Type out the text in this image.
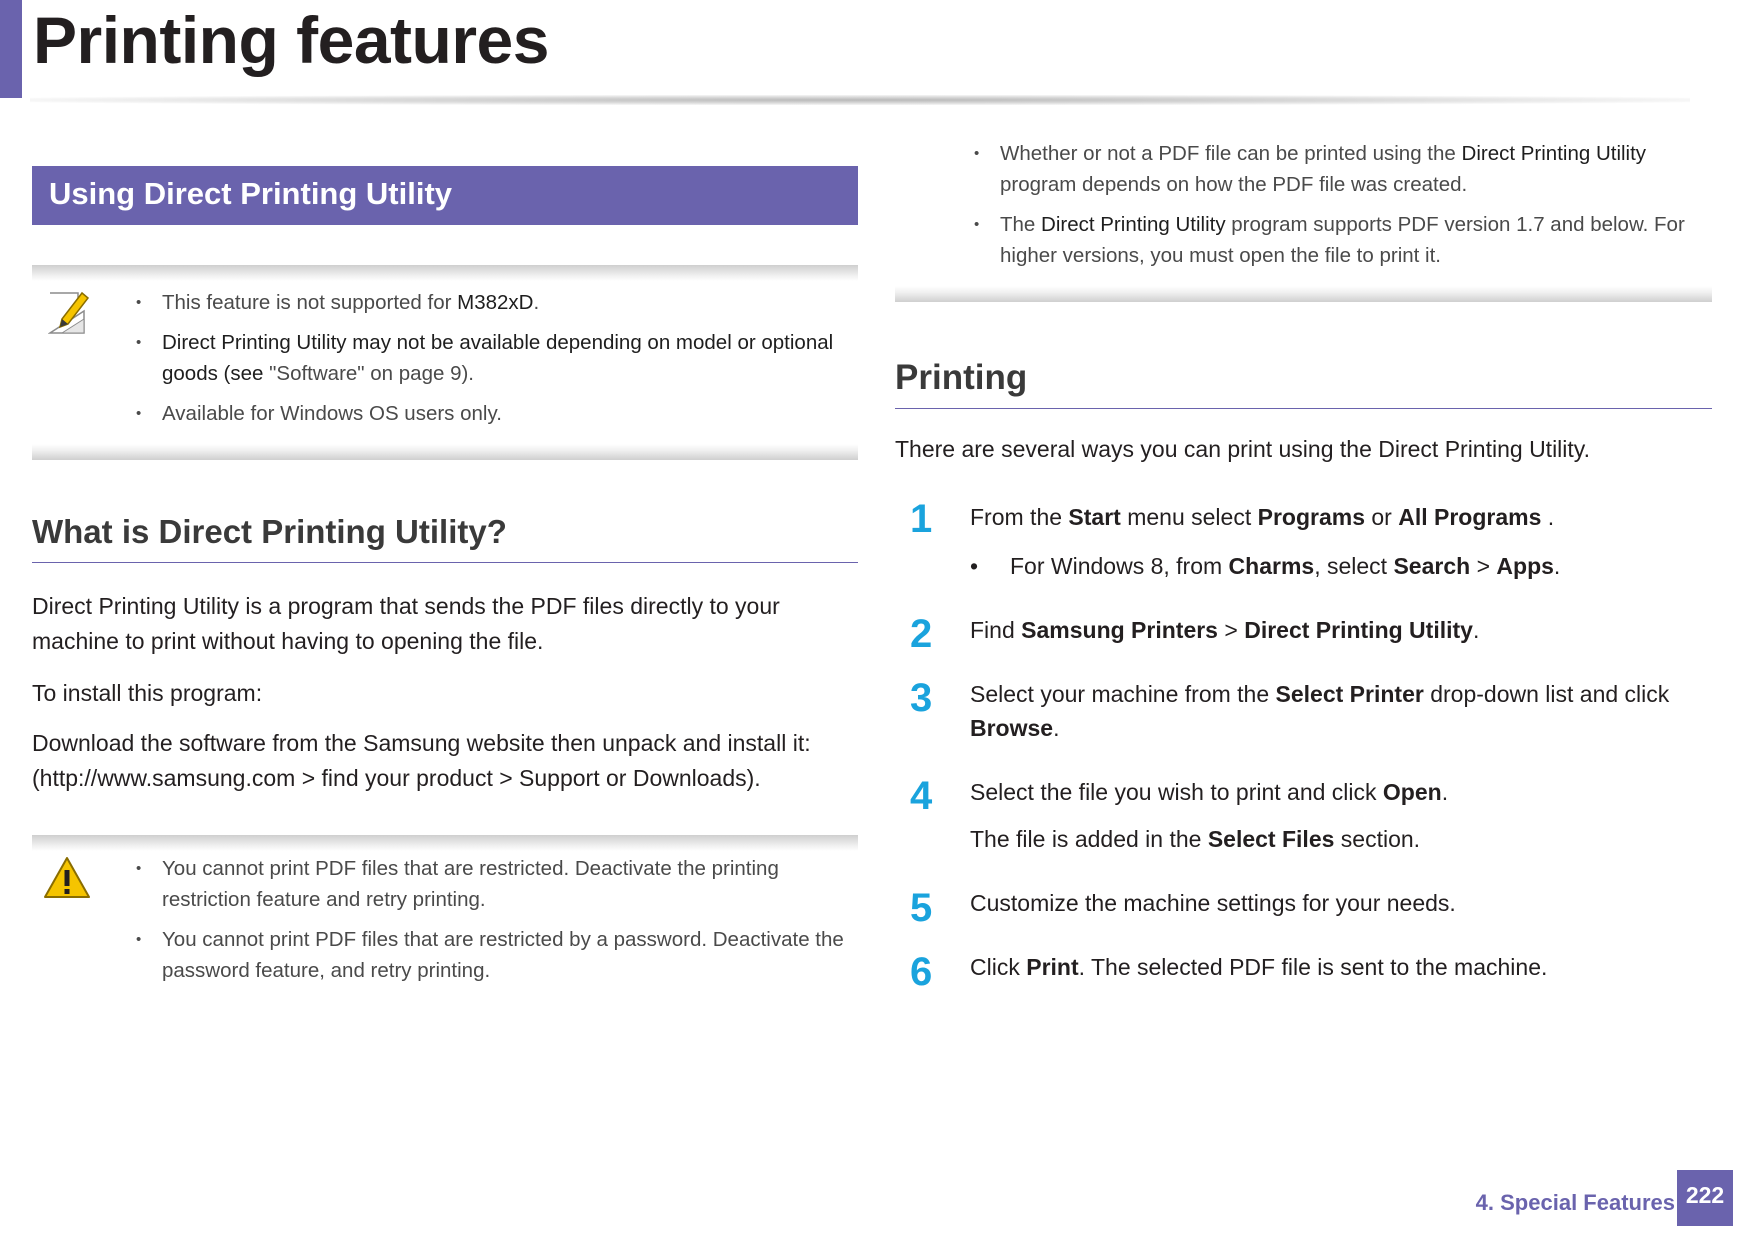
Printing features
Using Direct Printing Utility
• This feature is not supported for M382xD.
• Direct Printing Utility may not be available depending on model or optional goods (see "Software" on page 9).
• Available for Windows OS users only.
What is Direct Printing Utility?

Direct Printing Utility is a program that sends the PDF files directly to your machine to print without having to opening the file.

To install this program:

Download the software from the Samsung website then unpack and install it: (http://www.samsung.com > find your product > Support or Downloads).

• You cannot print PDF files that are restricted. Deactivate the printing restriction feature and retry printing.
• You cannot print PDF files that are restricted by a password. Deactivate the password feature, and retry printing.
• Whether or not a PDF file can be printed using the Direct Printing Utility program depends on how the PDF file was created.
• The Direct Printing Utility program supports PDF version 1.7 and below. For higher versions, you must open the file to print it.
Printing

There are several ways you can print using the Direct Printing Utility.

1 From the Start menu select Programs or All Programs .
• For Windows 8, from Charms, select Search > Apps.
2 Find Samsung Printers > Direct Printing Utility.
3 Select your machine from the Select Printer drop-down list and click Browse.
4 Select the file you wish to print and click Open.
The file is added in the Select Files section.
5 Customize the machine settings for your needs.
6 Click Print. The selected PDF file is sent to the machine.
4. Special Features 222
